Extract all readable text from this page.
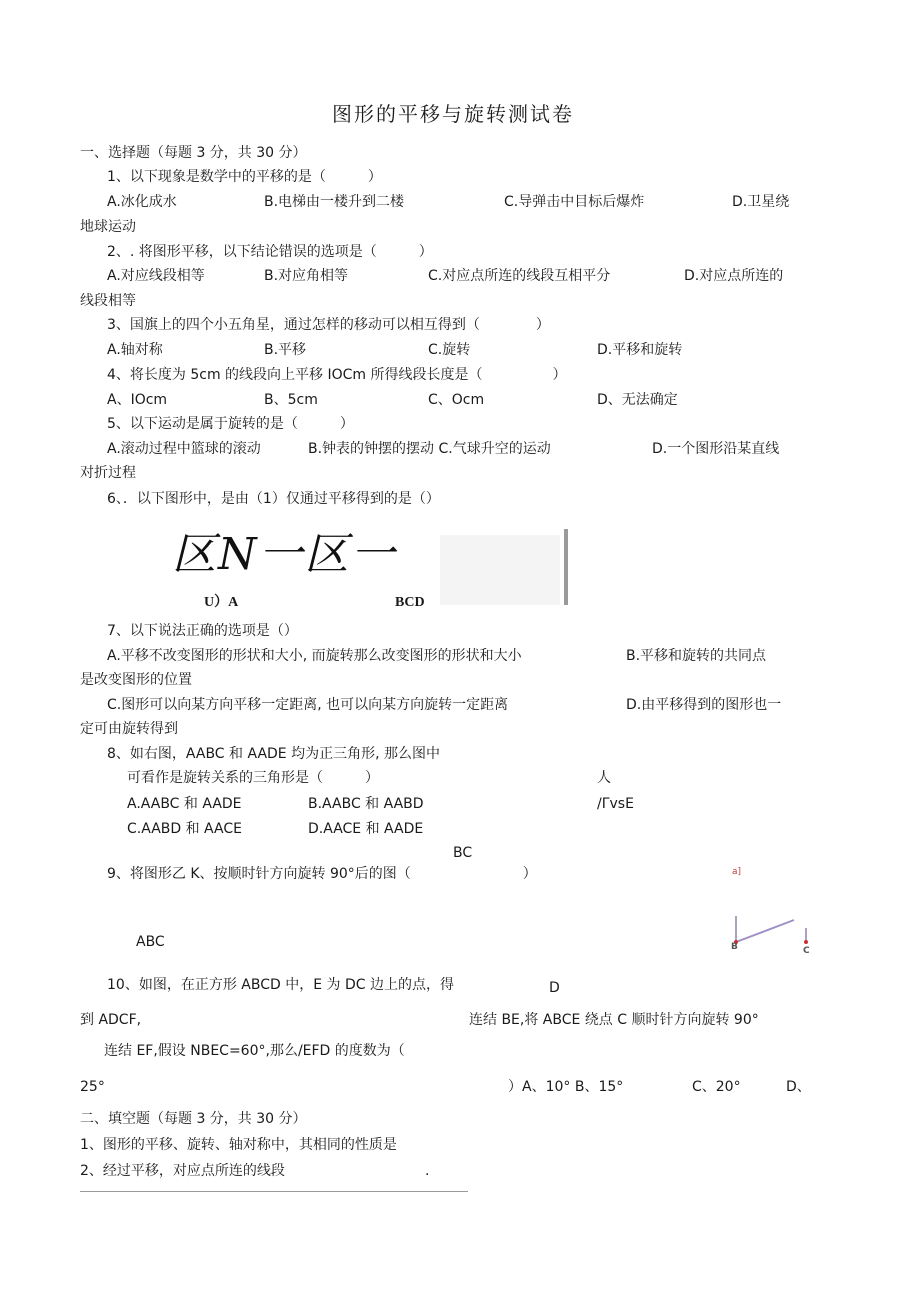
图形的平移与旋转测试卷
一、选择题（每题 3 分，共 30 分）
1、以下现象是数学中的平移的是（　　　）
A.冰化成水	B.电梯由一楼升到二楼	C.导弹击中目标后爆炸	D.卫星绕
地球运动
2、. 将图形平移，以下结论错误的选项是（　　　）
A.对应线段相等	B.对应角相等	C.对应点所连的线段互相平分	D.对应点所连的
线段相等
3、国旗上的四个小五角星，通过怎样的移动可以相互得到（　　　　）
A.轴对称	B.平移	C.旋转	D.平移和旋转
4、将长度为 5cm 的线段向上平移 IOCm 所得线段长度是（　　　　　）
A、IOcm	B、5cm	C、Ocm	D、无法确定
5、以下运动是属于旋转的是（　　　）
A.滚动过程中篮球的滚动	B.钟表的钟摆的摆动 C.气球升空的运动	D.一个图形沿某直线
对折过程
6、．以下图形中，是由（1）仅通过平移得到的是（）
区N一区一
U）A	BCD
7、以下说法正确的选项是（）
A.平移不改变图形的形状和大小, 而旋转那么改变图形的形状和大小	B.平移和旋转的共同点
是改变图形的位置
C.图形可以向某方向平移一定距离, 也可以向某方向旋转一定距离	D.由平移得到的图形也一
定可由旋转得到
8、如右图，AABC 和 AADE 均为正三角形, 那么图中
可看作是旋转关系的三角形是（　　　）
A.AABC 和 AADE	B.AABC 和 AABD
C.AABD 和 AACE	D.AACE 和 AADE
人
/ΓvsE
BC
9、将图形乙 K、按顺时针方向旋转 90°后的图（　　　　　　　　）	a]
ABC	B	C
10、如图，在正方形 ABCD 中，E 为 DC 边上的点，得	D
到 ADCF,	连结 BE,将 ABCE 绕点 C 顺时针方向旋转 90°
连结 EF,假设 NBEC=60°,那么/EFD 的度数为（
25°	）A、10° B、15°	C、20°	D、
二、填空题（每题 3 分，共 30 分）
1、图形的平移、旋转、轴对称中，其相同的性质是
2、经过平移，对应点所连的线段	.
